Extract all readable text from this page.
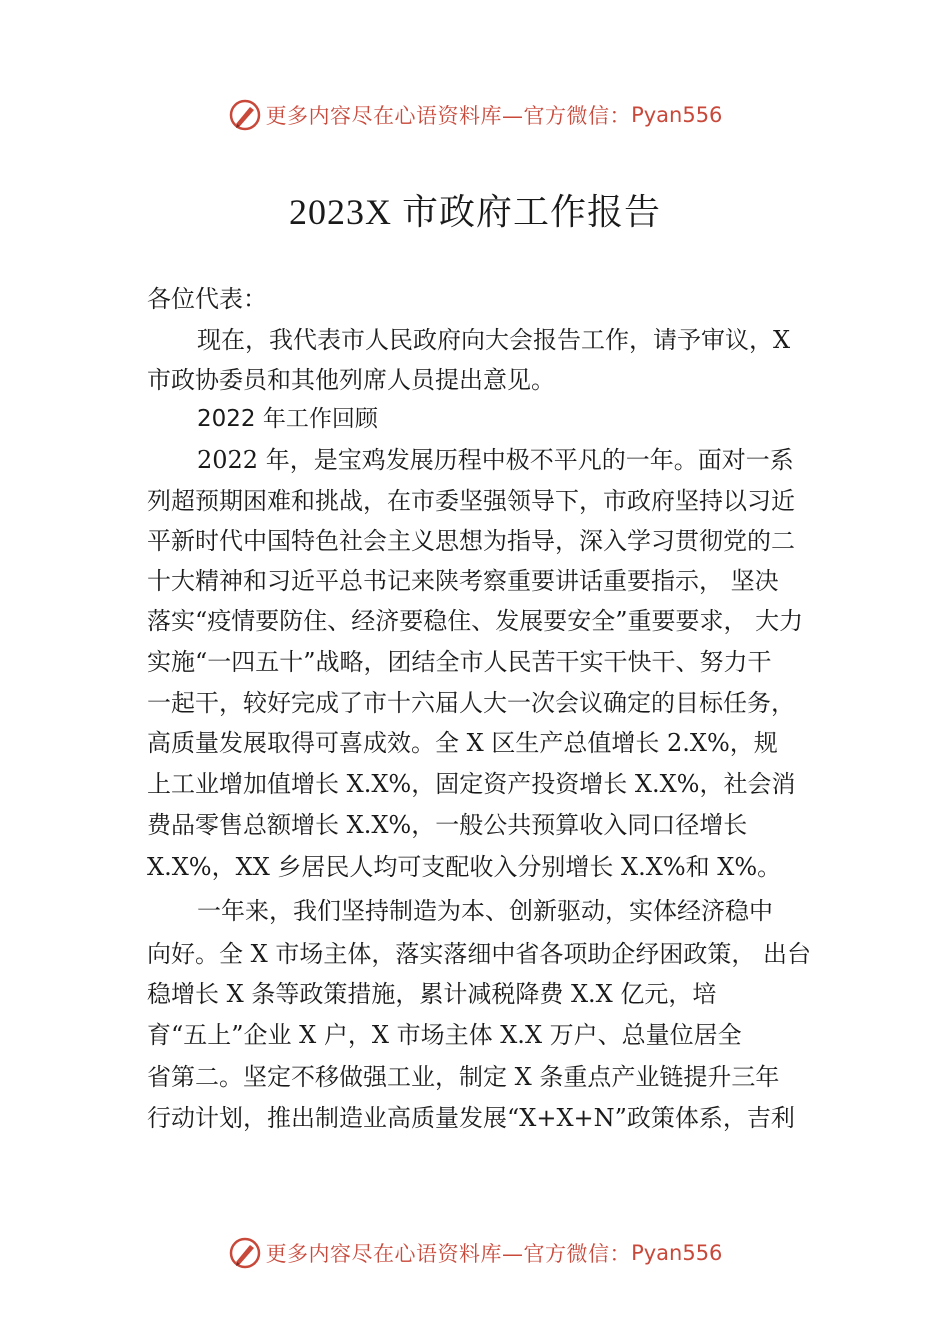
更多内容尽在心语资料库—官方微信： Pyan556
2023X 市政府工作报告
各位代表：
现在，我代表市人民政府向大会报告工作，请予审议，X
市政协委员和其他列席人员提出意见。
2022 年工作回顾
2022 年，是宝鸡发展历程中极不平凡的一年。面对一系
列超预期困难和挑战，在市委坚强领导下，市政府坚持以习近
平新时代中国特色社会主义思想为指导，深入学习贯彻党的二
十大精神和习近平总书记来陕考察重要讲话重要指示， 坚决
落实“疫情要防住、经济要稳住、发展要安全”重要要求， 大力
实施“一四五十”战略，团结全市人民苦干实干快干、努力干
一起干，较好完成了市十六届人大一次会议确定的目标任务，
高质量发展取得可喜成效。全 X 区生产总值增长 2.X%，规
上工业增加值增长 X.X%，固定资产投资增长 X.X%，社会消
费品零售总额增长 X.X%，一般公共预算收入同口径增长
X.X%，XX 乡居民人均可支配收入分别增长 X.X%和 X%。
一年来，我们坚持制造为本、创新驱动，实体经济稳中
向好。全 X 市场主体，落实落细中省各项助企纾困政策， 出台
稳增长 X 条等政策措施，累计减税降费 X.X 亿元，培
育“五上”企业 X 户，X 市场主体 X.X 万户、总量位居全
省第二。坚定不移做强工业，制定 X 条重点产业链提升三年
行动计划，推出制造业高质量发展“X+X+N”政策体系，吉利
更多内容尽在心语资料库—官方微信： Pyan556
